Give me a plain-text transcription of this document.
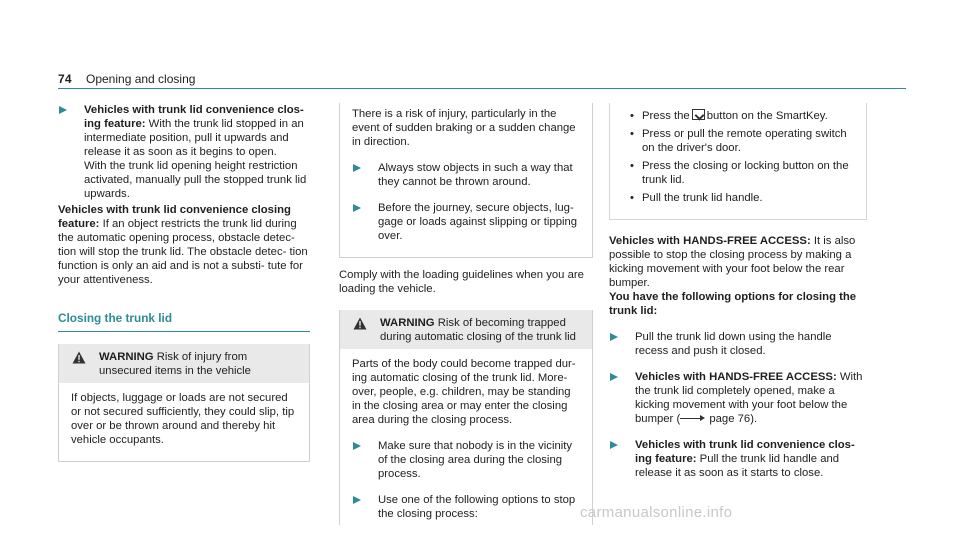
74 Opening and closing

Vehicles with trunk lid convenience clos- ing feature: With the trunk lid stopped in an intermediate position, pull it upwards and release it as soon as it begins to open.

With the trunk lid opening height restriction activated, manually pull the stopped trunk lid upwards.

Vehicles with trunk lid convenience closing feature: If an object restricts the trunk lid during the automatic opening process, obstacle detec- tion will stop the trunk lid. The obstacle detec- tion function is only an aid and is not a substi- tute for your attentiveness.

Closing the trunk lid
WARNING Risk of injury from unsecured items in the vehicle
If objects, luggage or loads are not secured or not secured sufficiently, they could slip, tip over or be thrown around and thereby hit vehicle occupants.

There is a risk of injury, particularly in the event of sudden braking or a sudden change in direction.

Always stow objects in such a way that they cannot be thrown around.

Before the journey, secure objects, lug- gage or loads against slipping or tipping over.

Comply with the loading guidelines when you are loading the vehicle.

WARNING Risk of becoming trapped during automatic closing of the trunk lid

Parts of the body could become trapped dur- ing automatic closing of the trunk lid. More- over, people, e.g. children, may be standing in the closing area or may enter the closing area during the closing process.

Make sure that nobody is in the vicinity of the closing area during the closing process.

Use one of the following options to stop the closing process:

• Press the button on the SmartKey.
• Press or pull the remote operating switch on the driver's door.
• Press the closing or locking button on the trunk lid.
• Pull the trunk lid handle.

Vehicles with HANDS-FREE ACCESS: It is also possible to stop the closing process by making a kicking movement with your foot below the rear bumper.

You have the following options for closing the trunk lid:

Pull the trunk lid down using the handle recess and push it closed.

Vehicles with HANDS-FREE ACCESS: With the trunk lid completely opened, make a kicking movement with your foot below the bumper ( page 76).

Vehicles with trunk lid convenience clos- ing feature: Pull the trunk lid handle and release it as soon as it starts to close.

carmanualsonline.info
